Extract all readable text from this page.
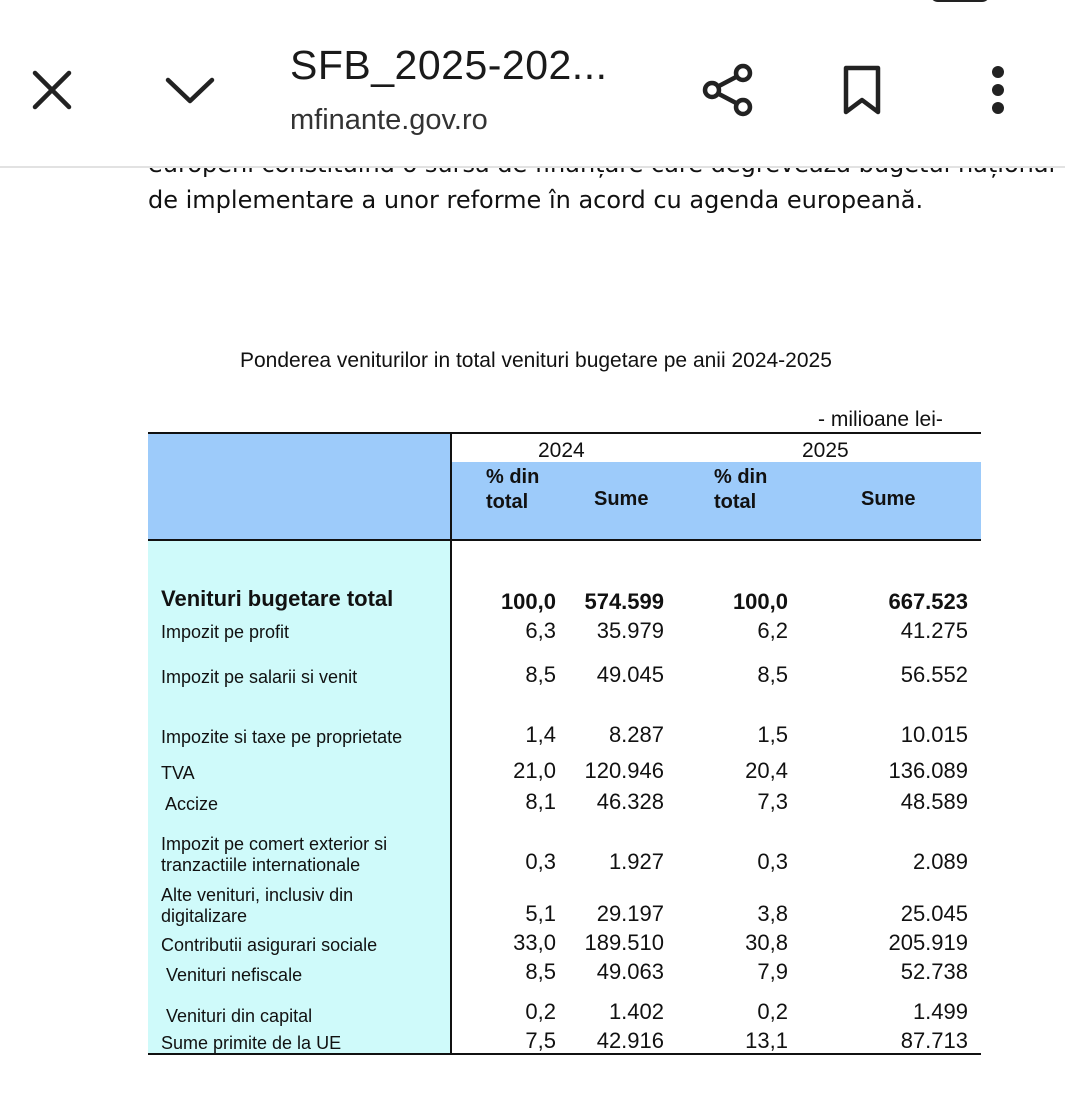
SFB_2025-202...
mfinante.gov.ro
de implementare a unor reforme în acord cu agenda europeană.
Ponderea veniturilor in total venituri bugetare pe anii 2024-2025
- milioane lei-
2024	2025
% din
total	Sume
% din
total	Sume
Venituri bugetare total	100,0 574.599	100,0	667.523
Impozit pe profit	6,3 35.979	6,2	41.275
Impozit pe salarii si venit	8,5 49.045	8,5	56.552
Impozite si taxe pe proprietate	1,4 8.287	1,5	10.015
TVA	21,0 120.946	20,4	136.089
Accize	8,1 46.328	7,3	48.589
Impozit pe comert exterior si
tranzactiile internationale	0,3 1.927	0,3	2.089
Alte venituri, inclusiv din
digitalizare	5,1 29.197	3,8	25.045
Contributii asigurari sociale	33,0 189.510	30,8	205.919
Venituri nefiscale	8,5 49.063	7,9	52.738
Venituri din capital	0,2 1.402	0,2	1.499
Sume primite de la UE	7,5 42.916	13,1	87.713
